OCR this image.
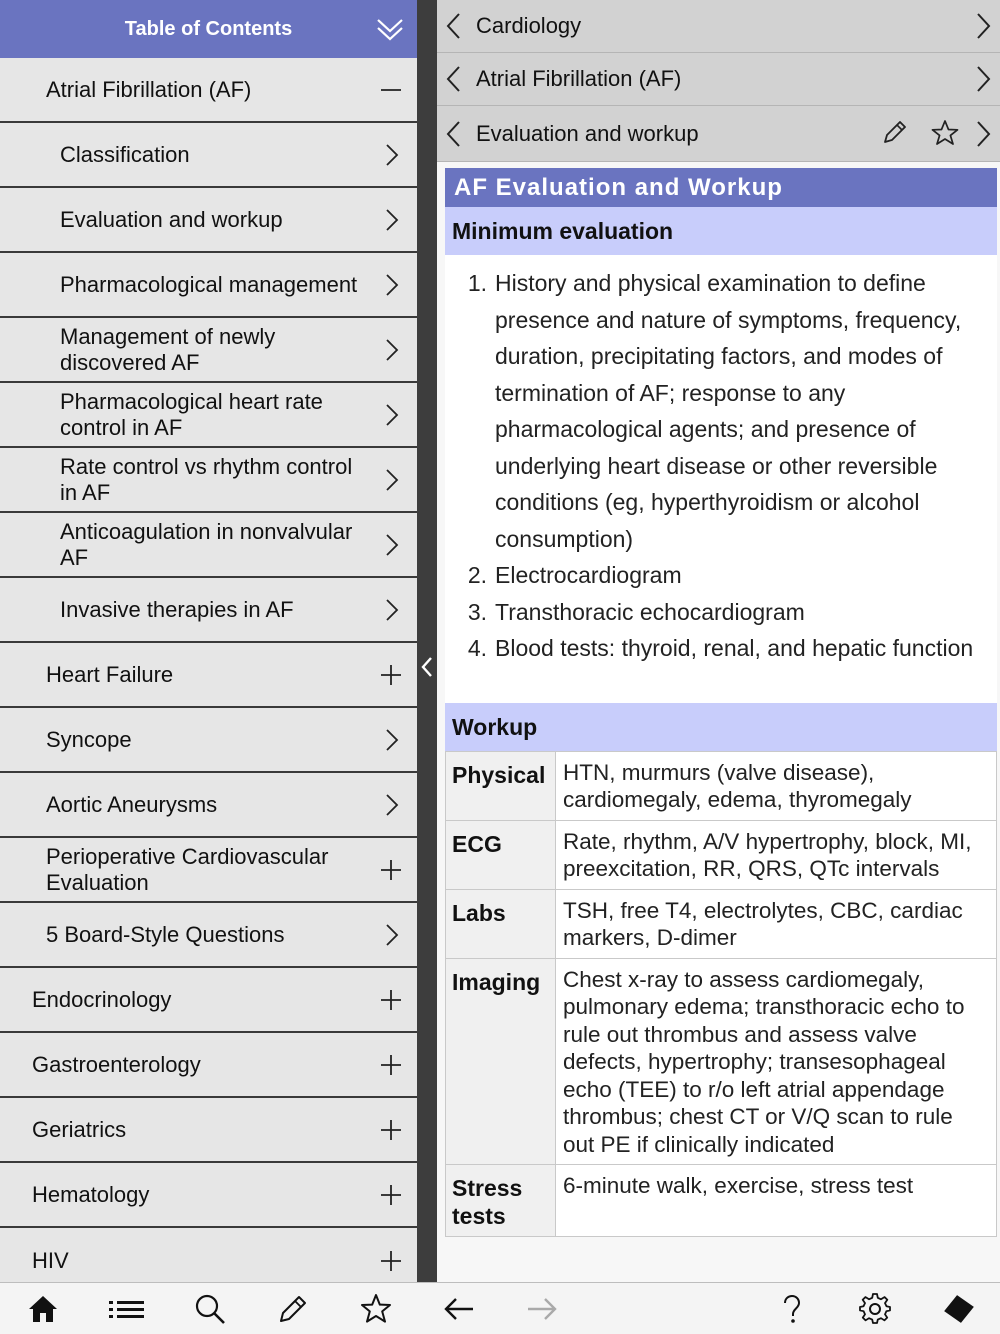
Table of Contents
Atrial Fibrillation (AF)
Classification
Evaluation and workup
Pharmacological management
Management of newly discovered AF
Pharmacological heart rate control in AF
Rate control vs rhythm control in AF
Anticoagulation in nonvalvular AF
Invasive therapies in AF
Heart Failure
Syncope
Aortic Aneurysms
Perioperative Cardiovascular Evaluation
5 Board-Style Questions
Endocrinology
Gastroenterology
Geriatrics
Hematology
HIV
Cardiology
Atrial Fibrillation (AF)
Evaluation and workup
AF Evaluation and Workup
Minimum evaluation
1. History and physical examination to define presence and nature of symptoms, frequency, duration, precipitating factors, and modes of termination of AF; response to any pharmacological agents; and presence of underlying heart disease or other reversible conditions (eg, hyperthyroidism or alcohol consumption)
2. Electrocardiogram
3. Transthoracic echocardiogram
4. Blood tests: thyroid, renal, and hepatic function
Workup
Physical	HTN, murmurs (valve disease), cardiomegaly, edema, thyromegaly
ECG	Rate, rhythm, A/V hypertrophy, block, MI, preexcitation, RR, QRS, QTc intervals
Labs	TSH, free T4, electrolytes, CBC, cardiac markers, D-dimer
Imaging	Chest x-ray to assess cardiomegaly, pulmonary edema; transthoracic echo to rule out thrombus and assess valve defects, hypertrophy; transesophageal echo (TEE) to r/o left atrial appendage thrombus; chest CT or V/Q scan to rule out PE if clinically indicated
Stress tests	6-minute walk, exercise, stress test
